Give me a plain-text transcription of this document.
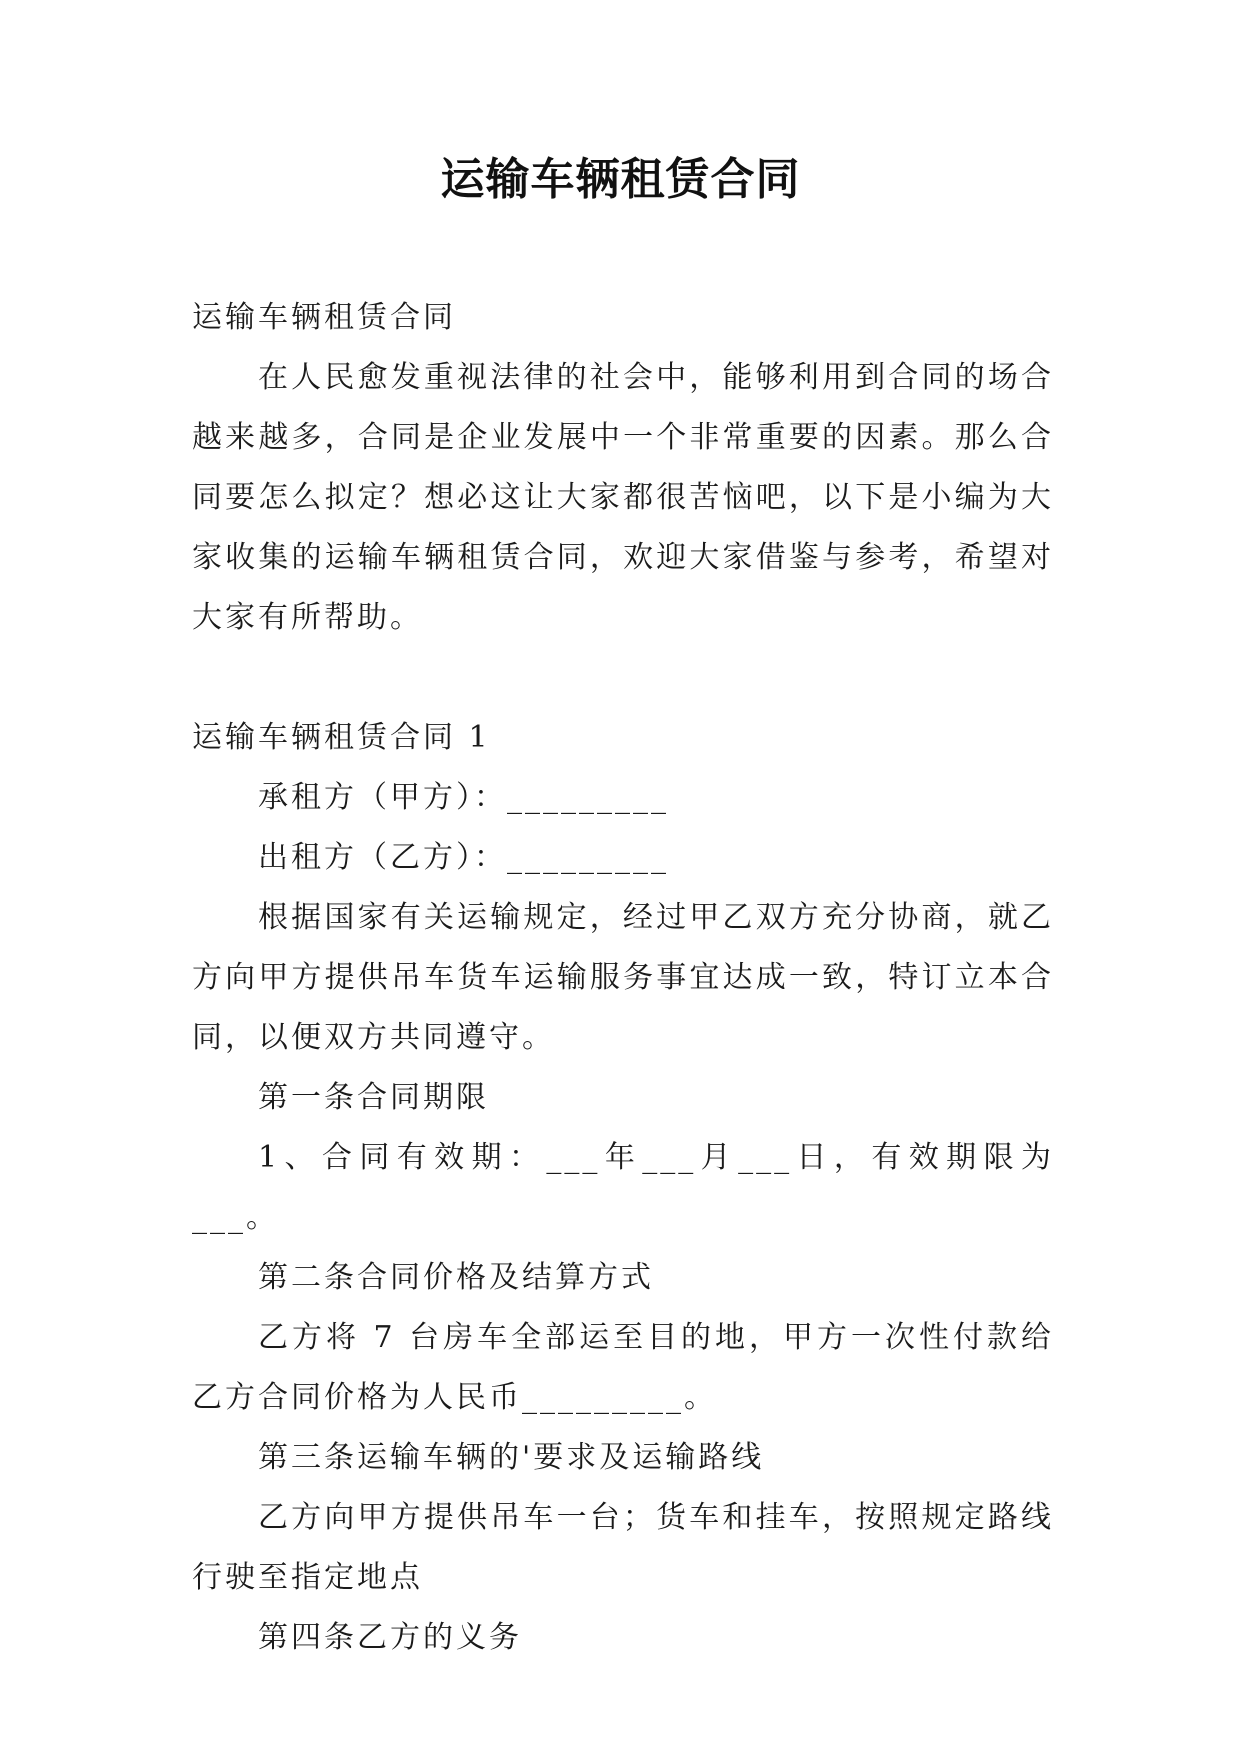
运输车辆租赁合同

运输车辆租赁合同

在人民愈发重视法律的社会中，能够利用到合同的场合越来越多，合同是企业发展中一个非常重要的因素。那么合同要怎么拟定？想必这让大家都很苦恼吧，以下是小编为大家收集的运输车辆租赁合同，欢迎大家借鉴与参考，希望对大家有所帮助。

运输车辆租赁合同 1

承租方（甲方）：_________

出租方（乙方）：_________

根据国家有关运输规定，经过甲乙双方充分协商，就乙方向甲方提供吊车货车运输服务事宜达成一致，特订立本合同，以便双方共同遵守。

第一条合同期限

1、合同有效期：___年___月___日，有效期限为___。

第二条合同价格及结算方式

乙方将 7 台房车全部运至目的地，甲方一次性付款给乙方合同价格为人民币_________。

第三条运输车辆的'要求及运输路线

乙方向甲方提供吊车一台；货车和挂车，按照规定路线行驶至指定地点

第四条乙方的义务
